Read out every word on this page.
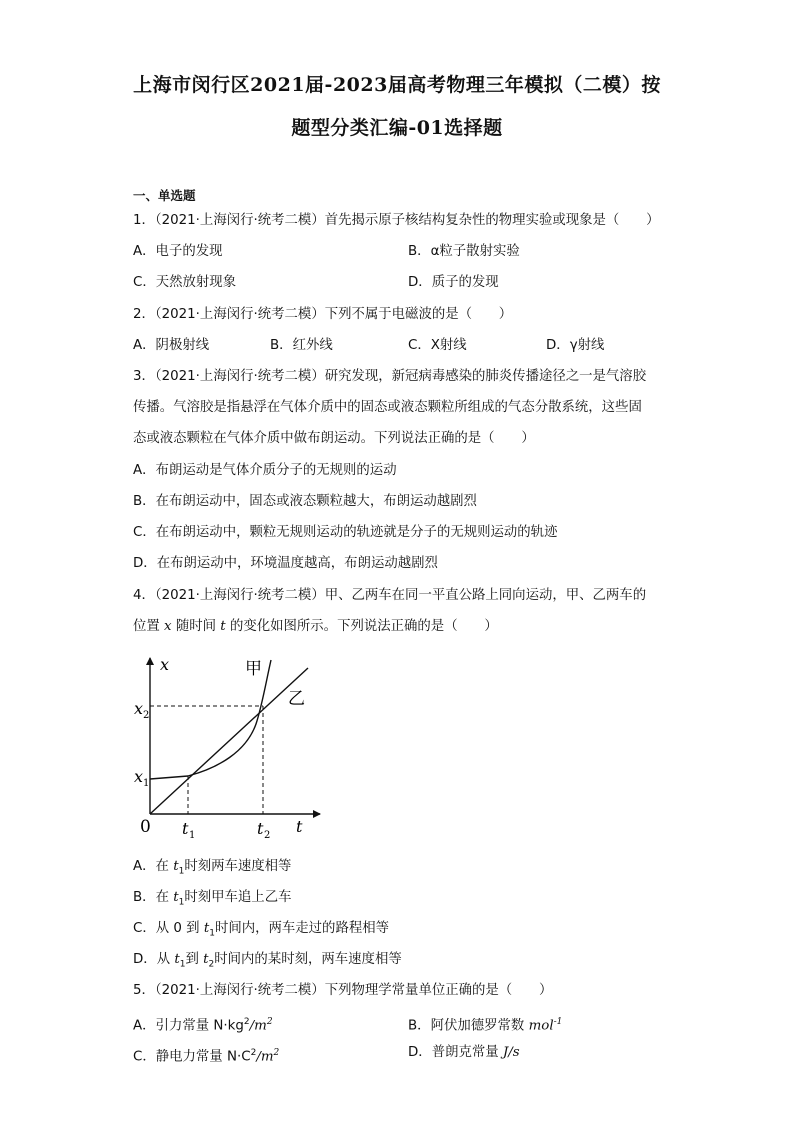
上海市闵行区2021届-2023届高考物理三年模拟（二模）按
题型分类汇编-01选择题
一、单选题
1．（2021·上海闵行·统考二模）首先揭示原子核结构复杂性的物理实验或现象是（　　）
A．电子的发现	B．α粒子散射实验
C．天然放射现象	D．质子的发现
2．（2021·上海闵行·统考二模）下列不属于电磁波的是（　　）
A．阴极射线	B．红外线	C．X射线	D．γ射线
3．（2021·上海闵行·统考二模）研究发现，新冠病毒感染的肺炎传播途径之一是气溶胶
传播。气溶胶是指悬浮在气体介质中的固态或液态颗粒所组成的气态分散系统，这些固
态或液态颗粒在气体介质中做布朗运动。下列说法正确的是（　　）
A．布朗运动是气体介质分子的无规则的运动
B．在布朗运动中，固态或液态颗粒越大，布朗运动越剧烈
C．在布朗运动中，颗粒无规则运动的轨迹就是分子的无规则运动的轨迹
D．在布朗运动中，环境温度越高，布朗运动越剧烈
4．（2021·上海闵行·统考二模）甲、乙两车在同一平直公路上同向运动，甲、乙两车的
位置 x 随时间 t 的变化如图所示。下列说法正确的是（　　）
x	甲
乙
x 2
x 1
0 t 1	t 2 t
A．在 $t_1$时刻两车速度相等
B．在 $t_1$时刻甲车追上乙车
C．从 0 到 $t_1$时间内，两车走过的路程相等
D．从 $t_1$到 $t_2$时间内的某时刻，两车速度相等
5．（2021·上海闵行·统考二模）下列物理学常量单位正确的是（　　）
A．引力常量 $N\cdot kg^2/m^2$	B．阿伏加德罗常数 mol$^{-1}$
C．静电力常量 $N\cdot C^2/m^2$	D．普朗克常量 J/s
